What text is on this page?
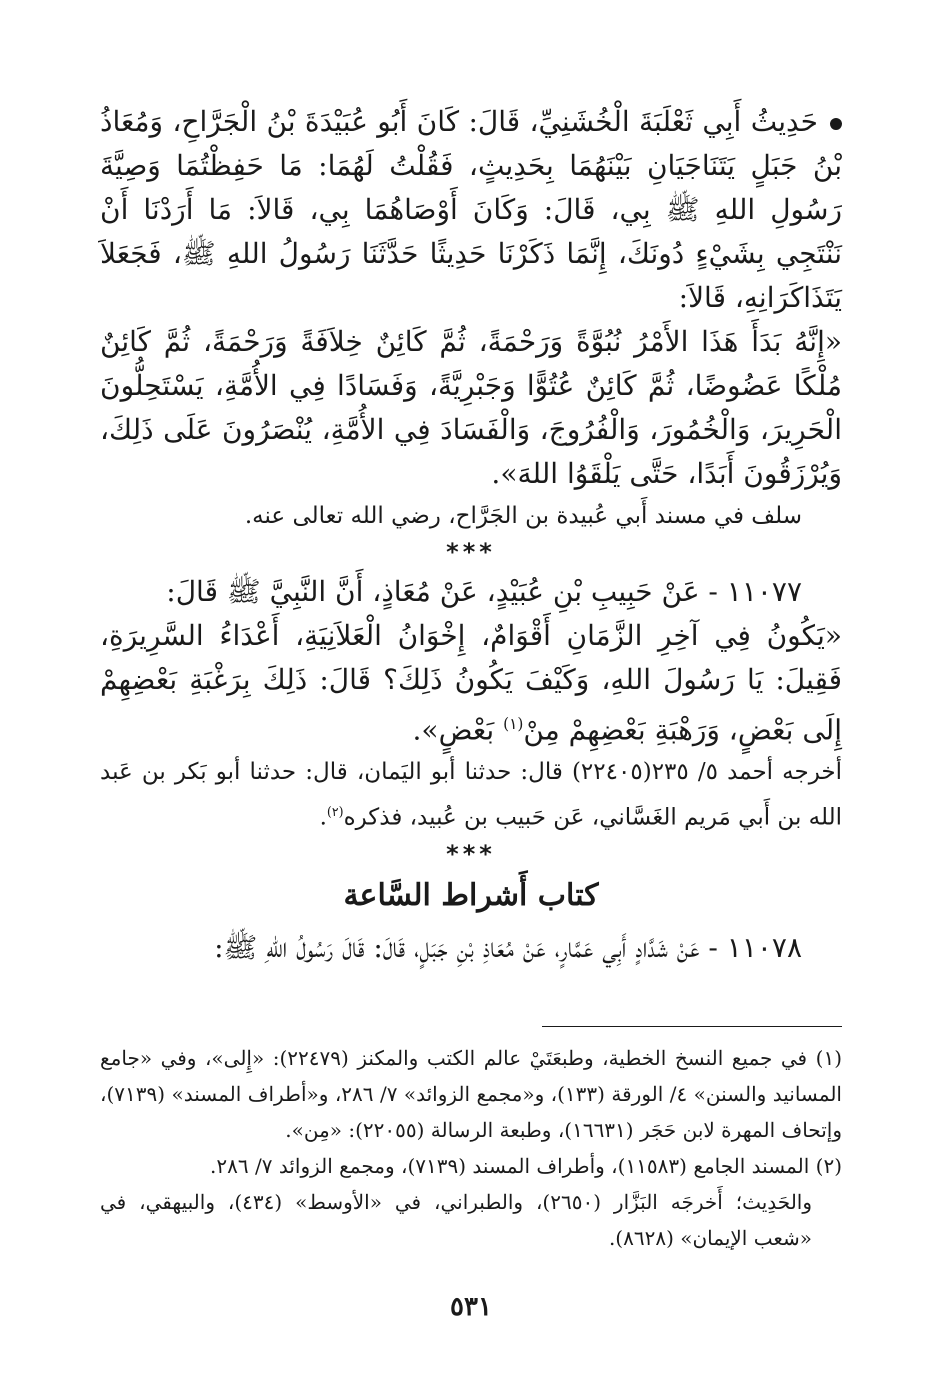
حَدِيثُ أَبِي ثَعْلَبَةَ الْخُشَنِيِّ، قَالَ: كَانَ أَبُو عُبَيْدَةَ بْنُ الْجَرَّاحِ، وَمُعَاذُ بْنُ جَبَلٍ يَتَنَاجَيَانِ بَيْنَهُمَا بِحَدِيثٍ، فَقُلْتُ لَهُمَا: مَا حَفِظْتُمَا وَصِيَّةَ رَسُولِ اللهِ ﷺ بِي، قَالَ: وَكَانَ أَوْصَاهُمَا بِي، قَالاَ: مَا أَرَدْنَا أَنْ نَنْتَجِي بِشَيْءٍ دُونَكَ، إِنَّمَا ذَكَرْنَا حَدِيثًا حَدَّثَنَا رَسُولُ اللهِ ﷺ، فَجَعَلاَ يَتَذَاكَرَانِهِ، قَالاَ:

«إِنَّهُ بَدَأَ هَذَا الأَمْرُ نُبُوَّةً وَرَحْمَةً، ثُمَّ كَائِنٌ خِلاَفَةً وَرَحْمَةً، ثُمَّ كَائِنٌ مُلْكًا عَضُوضًا، ثُمَّ كَائِنٌ عُتُوًّا وَجَبْرِيَّةً، وَفَسَادًا فِي الأُمَّةِ، يَسْتَحِلُّونَ الْحَرِيرَ، وَالْخُمُورَ، وَالْفُرُوجَ، وَالْفَسَادَ فِي الأُمَّةِ، يُنْصَرُونَ عَلَى ذَلِكَ، وَيُرْزَقُونَ أَبَدًا، حَتَّى يَلْقَوُا اللهَ».

سلف في مسند أَبي عُبيدة بن الجَرَّاح، رضي الله تعالى عنه.

***

١١٠٧٧ - عَنْ حَبِيبِ بْنِ عُبَيْدٍ، عَنْ مُعَاذٍ، أَنَّ النَّبِيَّ ﷺ قَالَ:

«يَكُونُ فِي آخِرِ الزَّمَانِ أَقْوَامٌ، إِخْوَانُ الْعَلاَنِيَةِ، أَعْدَاءُ السَّرِيرَةِ، فَقِيلَ: يَا رَسُولَ اللهِ، وَكَيْفَ يَكُونُ ذَلِكَ؟ قَالَ: ذَلِكَ بِرَغْبَةِ بَعْضِهِمْ إِلَى بَعْضٍ، وَرَهْبَةِ بَعْضِهِمْ مِنْ$^{(١)}$ بَعْضٍ».

أخرجه أحمد ٥/ ٢٣٥(٢٢٤٠٥) قال: حدثنا أبو اليَمان، قال: حدثنا أبو بَكر بن عَبد الله بن أَبي مَريم الغَسَّاني، عَن حَبيب بن عُبيد، فذكره$^{(٢)}$.

***
كتاب أَشراط السَّاعة

١١٠٧٨ - عَنْ شَدَّادٍ أَبِي عَمَّارٍ، عَنْ مُعَاذِ بْنِ جَبَلٍ، قَالَ: قَالَ رَسُولُ اللهِ ﷺ:

(١) في جميع النسخ الخطية، وطبعَتَيْ عالم الكتب والمكنز (٢٢٤٧٩): «إِلى»، وفي «جامع المسانيد والسنن» ٤/ الورقة (١٣٣)، و«مجمع الزوائد» ٧/ ٢٨٦، و«أطراف المسند» (٧١٣٩)، وإتحاف المهرة لابن حَجَر (١٦٦٣١)، وطبعة الرسالة (٢٢٠٥٥): «مِن».

(٢) المسند الجامع (١١٥٨٣)، وأطراف المسند (٧١٣٩)، ومجمع الزوائد ٧/ ٢٨٦.

والحَدِيث؛ أَخرجَه البَزَّار (٢٦٥٠)، والطبراني، في «الأوسط» (٤٣٤)، والبيهقي، في «شعب الإيمان» (٨٦٢٨).

٥٣١
